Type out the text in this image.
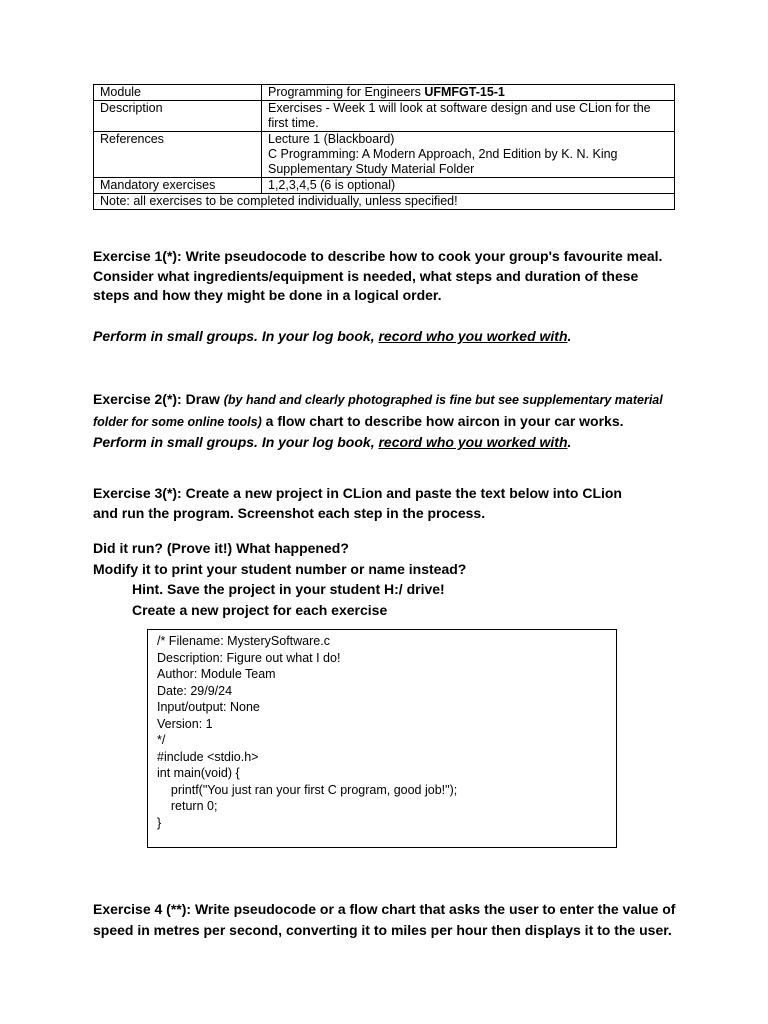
Module	Programming for Engineers UFMFGT-15-1
Description	Exercises - Week 1 will look at software design and use CLion for the first time.
References	Lecture 1 (Blackboard)
C Programming: A Modern Approach, 2nd Edition by K. N. King
Supplementary Study Material Folder

Mandatory exercises	1,2,3,4,5 (6 is optional)
Note: all exercises to be completed individually, unless specified!	
Exercise 1(*): Write pseudocode to describe how to cook your group's favourite meal. Consider what ingredients/equipment is needed, what steps and duration of these steps and how they might be done in a logical order.
Perform in small groups. In your log book, record who you worked with.
Exercise 2(*): Draw (by hand and clearly photographed is fine but see supplementary material folder for some online tools) a flow chart to describe how aircon in your car works.
Perform in small groups. In your log book, record who you worked with.
Exercise 3(*): Create a new project in CLion and paste the text below into CLion and run the program. Screenshot each step in the process.
Did it run? (Prove it!) What happened?
Modify it to print your student number or name instead?
Hint. Save the project in your student H:/ drive!
Create a new project for each exercise
/* Filename: MysterySoftware.c
Description: Figure out what I do!
Author: Module Team
Date: 29/9/24
Input/output: None
Version: 1
*/
#include <stdio.h>
int main(void) {
printf("You just ran your first C program, good job!");
return 0;
}
Exercise 4 (**): Write pseudocode or a flow chart that asks the user to enter the value of speed in metres per second, converting it to miles per hour then displays it to the user.
